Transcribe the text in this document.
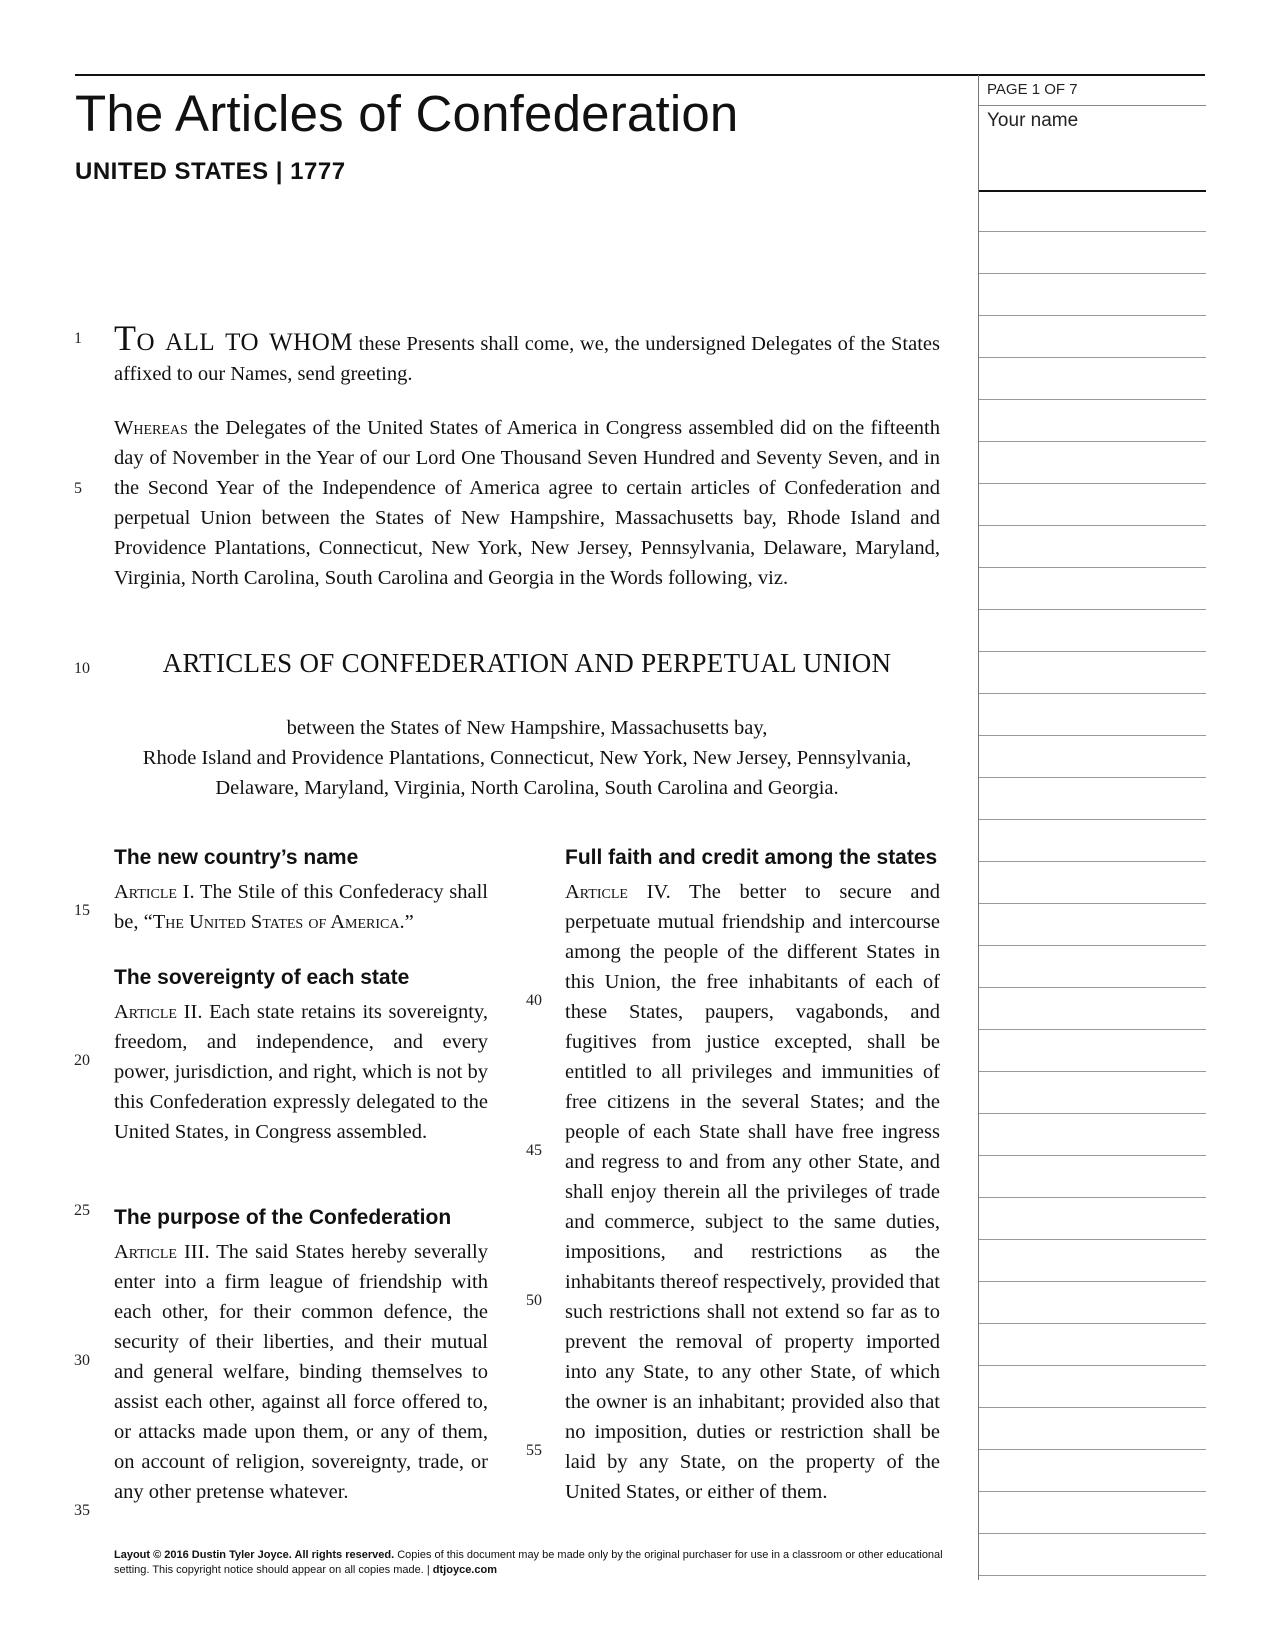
The Articles of Confederation
UNITED STATES | 1777
PAGE 1 OF 7
Your name
1
5
10
15
20
25
30
35
40
45
50
55
To all to whom these Presents shall come, we, the undersigned Delegates of the States affixed to our Names, send greeting.
Whereas the Delegates of the United States of America in Congress assembled did on the fifteenth day of November in the Year of our Lord One Thousand Seven Hundred and Seventy Seven, and in the Second Year of the Independence of America agree to certain articles of Confederation and perpetual Union between the States of New Hampshire, Massachusetts bay, Rhode Island and Providence Plantations, Connecticut, New York, New Jersey, Pennsylvania, Delaware, Maryland, Virginia, North Carolina, South Carolina and Georgia in the Words following, viz.
ARTICLES OF CONFEDERATION AND PERPETUAL UNION
between the States of New Hampshire, Massachusetts bay,
Rhode Island and Providence Plantations, Connecticut, New York, New Jersey, Pennsylvania,
Delaware, Maryland, Virginia, North Carolina, South Carolina and Georgia.
The new country’s name
Article I. The Stile of this Confederacy shall be, “The United States of America.”
The sovereignty of each state
Article II. Each state retains its sovereignty, freedom, and independence, and every power, jurisdiction, and right, which is not by this Confederation expressly delegated to the United States, in Congress assembled.
The purpose of the Confederation
Article III. The said States hereby severally enter into a firm league of friendship with each other, for their common defence, the security of their liberties, and their mutual and general welfare, binding themselves to assist each other, against all force offered to, or attacks made upon them, or any of them, on account of religion, sovereignty, trade, or any other pretense whatever.
Full faith and credit among the states
Article IV. The better to secure and perpetuate mutual friendship and intercourse among the people of the different States in this Union, the free inhabitants of each of these States, paupers, vagabonds, and fugitives from justice excepted, shall be entitled to all privileges and immunities of free citizens in the several States; and the people of each State shall have free ingress and regress to and from any other State, and shall enjoy therein all the privileges of trade and commerce, subject to the same duties, impositions, and restrictions as the inhabitants thereof respectively, provided that such restrictions shall not extend so far as to prevent the removal of property imported into any State, to any other State, of which the owner is an inhabitant; provided also that no imposition, duties or restriction shall be laid by any State, on the property of the United States, or either of them.
Layout © 2016 Dustin Tyler Joyce. All rights reserved. Copies of this document may be made only by the original purchaser for use in a classroom or other educational setting. This copyright notice should appear on all copies made. | dtjoyce.com
